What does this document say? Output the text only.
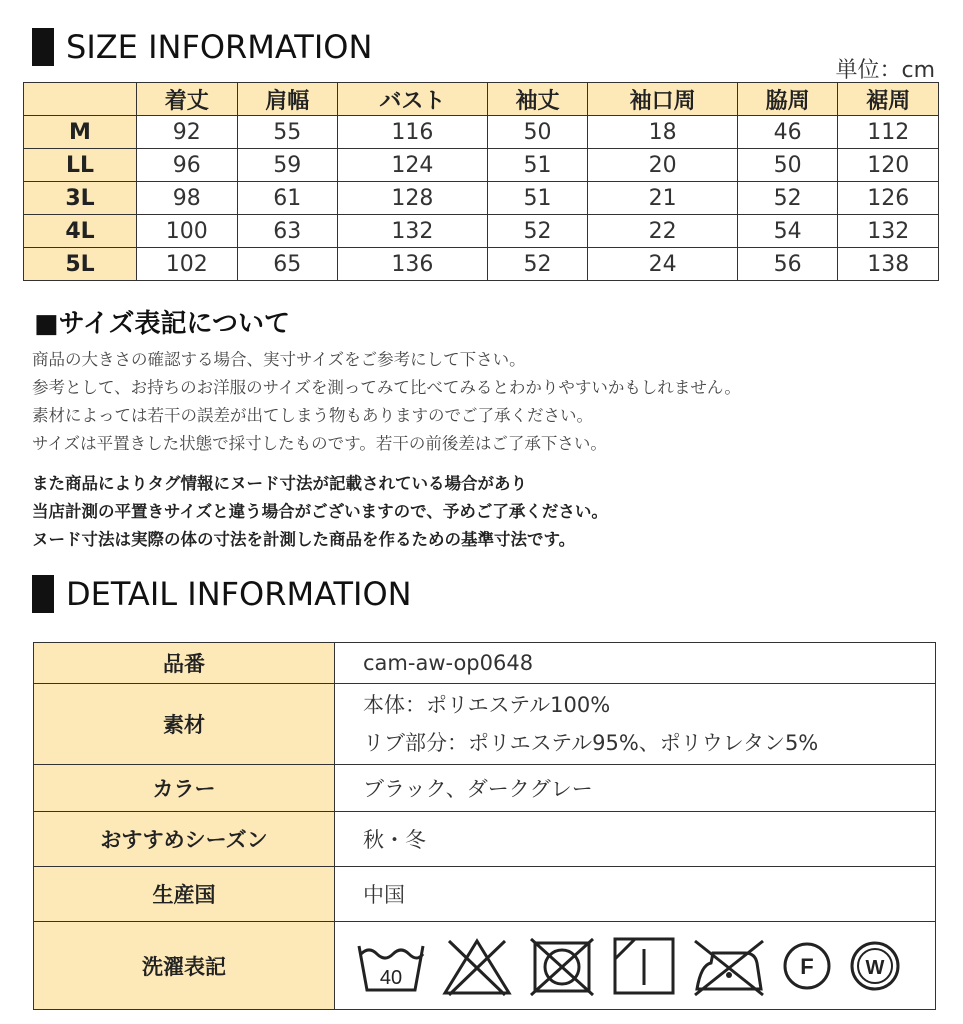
SIZE INFORMATION
単位：cm
	着丈	肩幅	バスト	袖丈	袖口周	脇周	裾周
M	92	55	116	50	18	46	112
LL	96	59	124	51	20	50	120
3L	98	61	128	51	21	52	126
4L	100	63	132	52	22	54	132
5L	102	65	136	52	24	56	138
■サイズ表記について
商品の大きさの確認する場合、実寸サイズをご参考にして下さい。
参考として、お持ちのお洋服のサイズを測ってみて比べてみるとわかりやすいかもしれません。
素材によっては若干の誤差が出てしまう物もありますのでご了承ください。
サイズは平置きした状態で採寸したものです。若干の前後差はご了承下さい。
また商品によりタグ情報にヌード寸法が記載されている場合があり
当店計測の平置きサイズと違う場合がございますので、予めご了承ください。
ヌード寸法は実際の体の寸法を計測した商品を作るための基準寸法です。
DETAIL INFORMATION
品番	cam-aw-op0648
素材	本体：ポリエステル100%
リブ部分：ポリエステル95%、ポリウレタン5%

カラー	ブラック、ダークグレー
おすすめシーズン	秋・冬
生産国	中国
洗濯表記	40 F W
